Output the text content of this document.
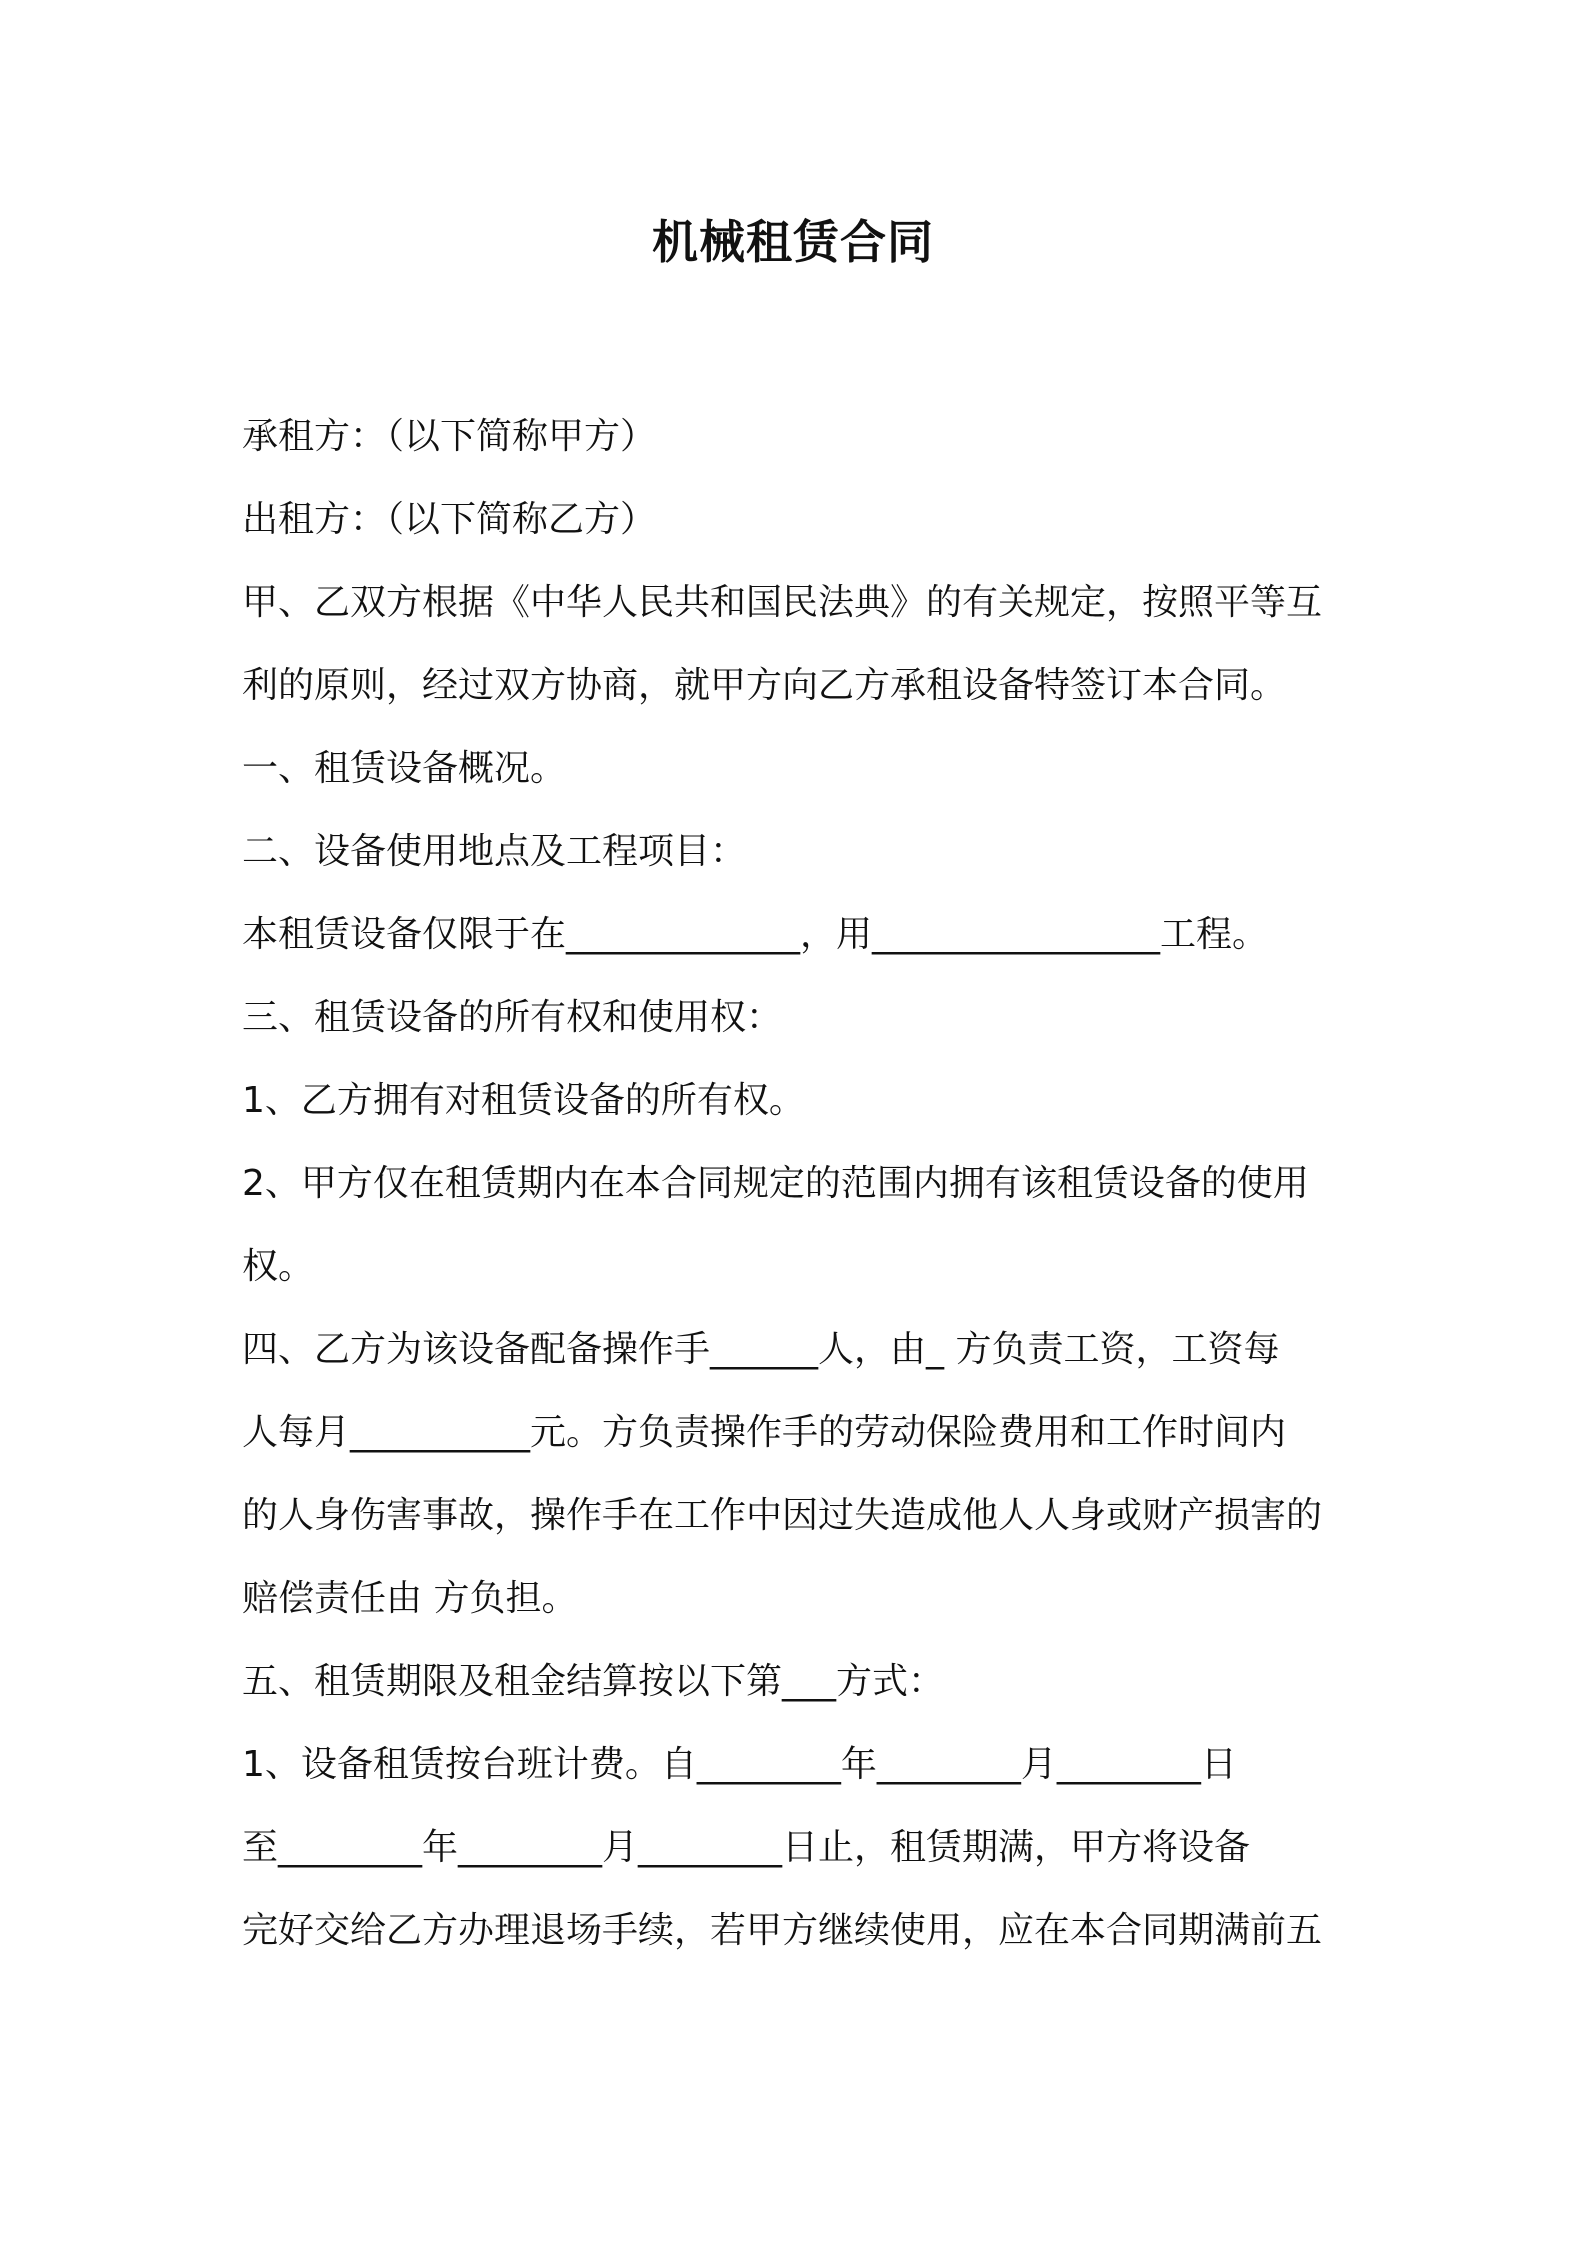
机械租赁合同
承租方：（以下简称甲方）
出租方：（以下简称乙方）
甲、乙双方根据《中华人民共和国民法典》的有关规定，按照平等互
利的原则，经过双方协商，就甲方向乙方承租设备特签订本合同。
一、租赁设备概况。
二、设备使用地点及工程项目：
本租赁设备仅限于在_____________，用________________工程。
三、租赁设备的所有权和使用权：
1、乙方拥有对租赁设备的所有权。
2、甲方仅在租赁期内在本合同规定的范围内拥有该租赁设备的使用
权。
四、乙方为该设备配备操作手______人，由_ 方负责工资，工资每
人每月__________元。方负责操作手的劳动保险费用和工作时间内
的人身伤害事故，操作手在工作中因过失造成他人人身或财产损害的
赔偿责任由 方负担。
五、租赁期限及租金结算按以下第___方式：
1、设备租赁按台班计费。自________年________月________日
至________年________月________日止，租赁期满，甲方将设备
完好交给乙方办理退场手续，若甲方继续使用，应在本合同期满前五
